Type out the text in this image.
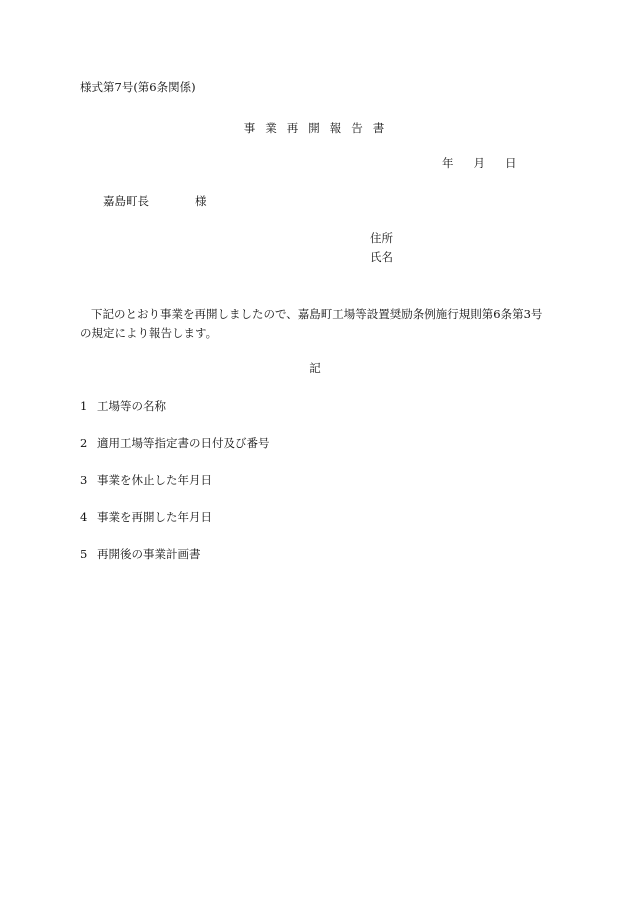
様式第7号(第6条関係)
事業再開報告書
年 月 日
嘉島町長	様
住所
氏名
下記のとおり事業を再開しましたので、嘉島町工場等設置奨励条例施行規則第6条第3号の規定により報告します。
記
1 工場等の名称
2 適用工場等指定書の日付及び番号
3 事業を休止した年月日
4 事業を再開した年月日
5 再開後の事業計画書
